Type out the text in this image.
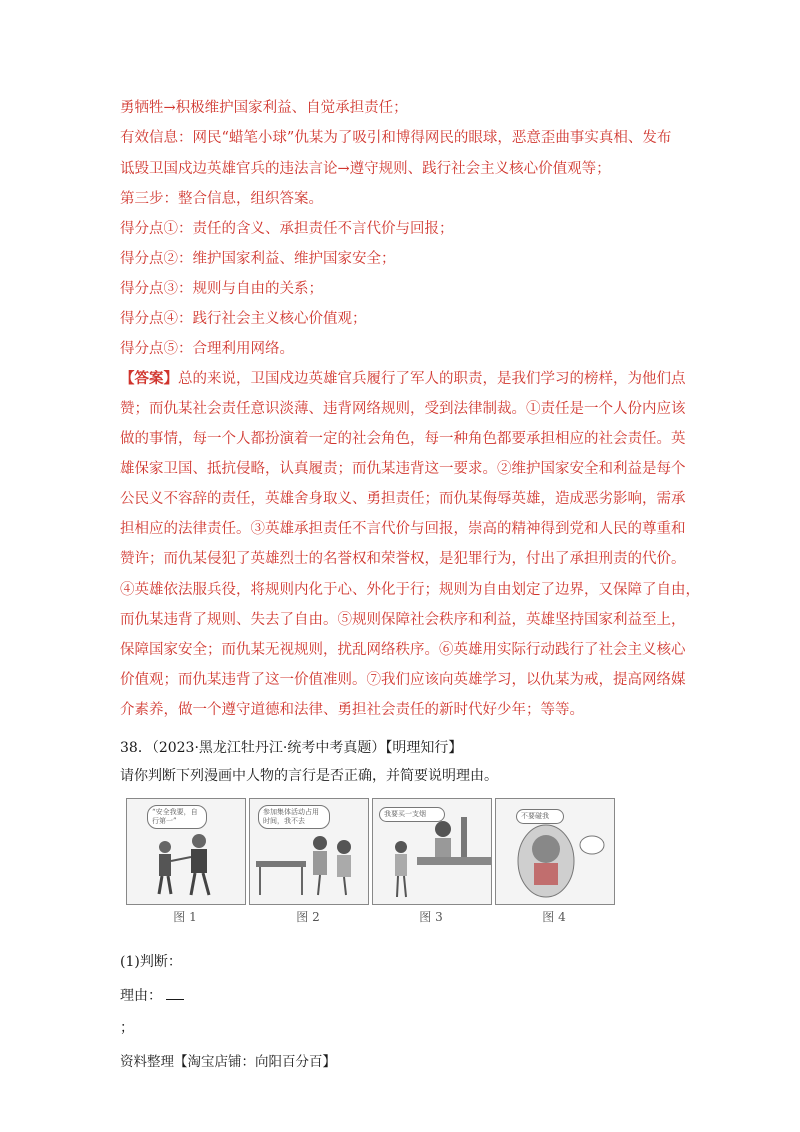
勇牺牲→积极维护国家利益、自觉承担责任；
有效信息：网民“蜡笔小球”仇某为了吸引和博得网民的眼球，恶意歪曲事实真相、发布
诋毁卫国戍边英雄官兵的违法言论→遵守规则、践行社会主义核心价值观等；
第三步：整合信息，组织答案。
得分点①：责任的含义、承担责任不言代价与回报；
得分点②：维护国家利益、维护国家安全；
得分点③：规则与自由的关系；
得分点④：践行社会主义核心价值观；
得分点⑤：合理利用网络。
【答案】总的来说，卫国戍边英雄官兵履行了军人的职责，是我们学习的榜样，为他们点
赞；而仇某社会责任意识淡薄、违背网络规则，受到法律制裁。①责任是一个人份内应该
做的事情，每一个人都扮演着一定的社会角色，每一种角色都要承担相应的社会责任。英
雄保家卫国、抵抗侵略，认真履责；而仇某违背这一要求。②维护国家安全和利益是每个
公民义不容辞的责任，英雄舍身取义、勇担责任；而仇某侮辱英雄，造成恶劣影响，需承
担相应的法律责任。③英雄承担责任不言代价与回报，崇高的精神得到党和人民的尊重和
赞许；而仇某侵犯了英雄烈士的名誉权和荣誉权，是犯罪行为，付出了承担刑责的代价。
④英雄依法服兵役，将规则内化于心、外化于行；规则为自由划定了边界，又保障了自由，
而仇某违背了规则、失去了自由。⑤规则保障社会秩序和利益，英雄坚持国家利益至上，
保障国家安全；而仇某无视规则，扰乱网络秩序。⑥英雄用实际行动践行了社会主义核心
价值观；而仇某违背了这一价值准则。⑦我们应该向英雄学习，以仇某为戒，提高网络媒
介素养，做一个遵守道德和法律、勇担社会责任的新时代好少年；等等。
38．（2023·黑龙江牡丹江·统考中考真题）【明理知行】
请你判断下列漫画中人物的言行是否正确，并简要说明理由。
“安全我要，自行第一”
参加集体活动占用时间，我不去
我要买一支烟	不要碰我
图 1	图 2	图 3	图 4
(1)判断：
理由：
；
资料整理【淘宝店铺：向阳百分百】
